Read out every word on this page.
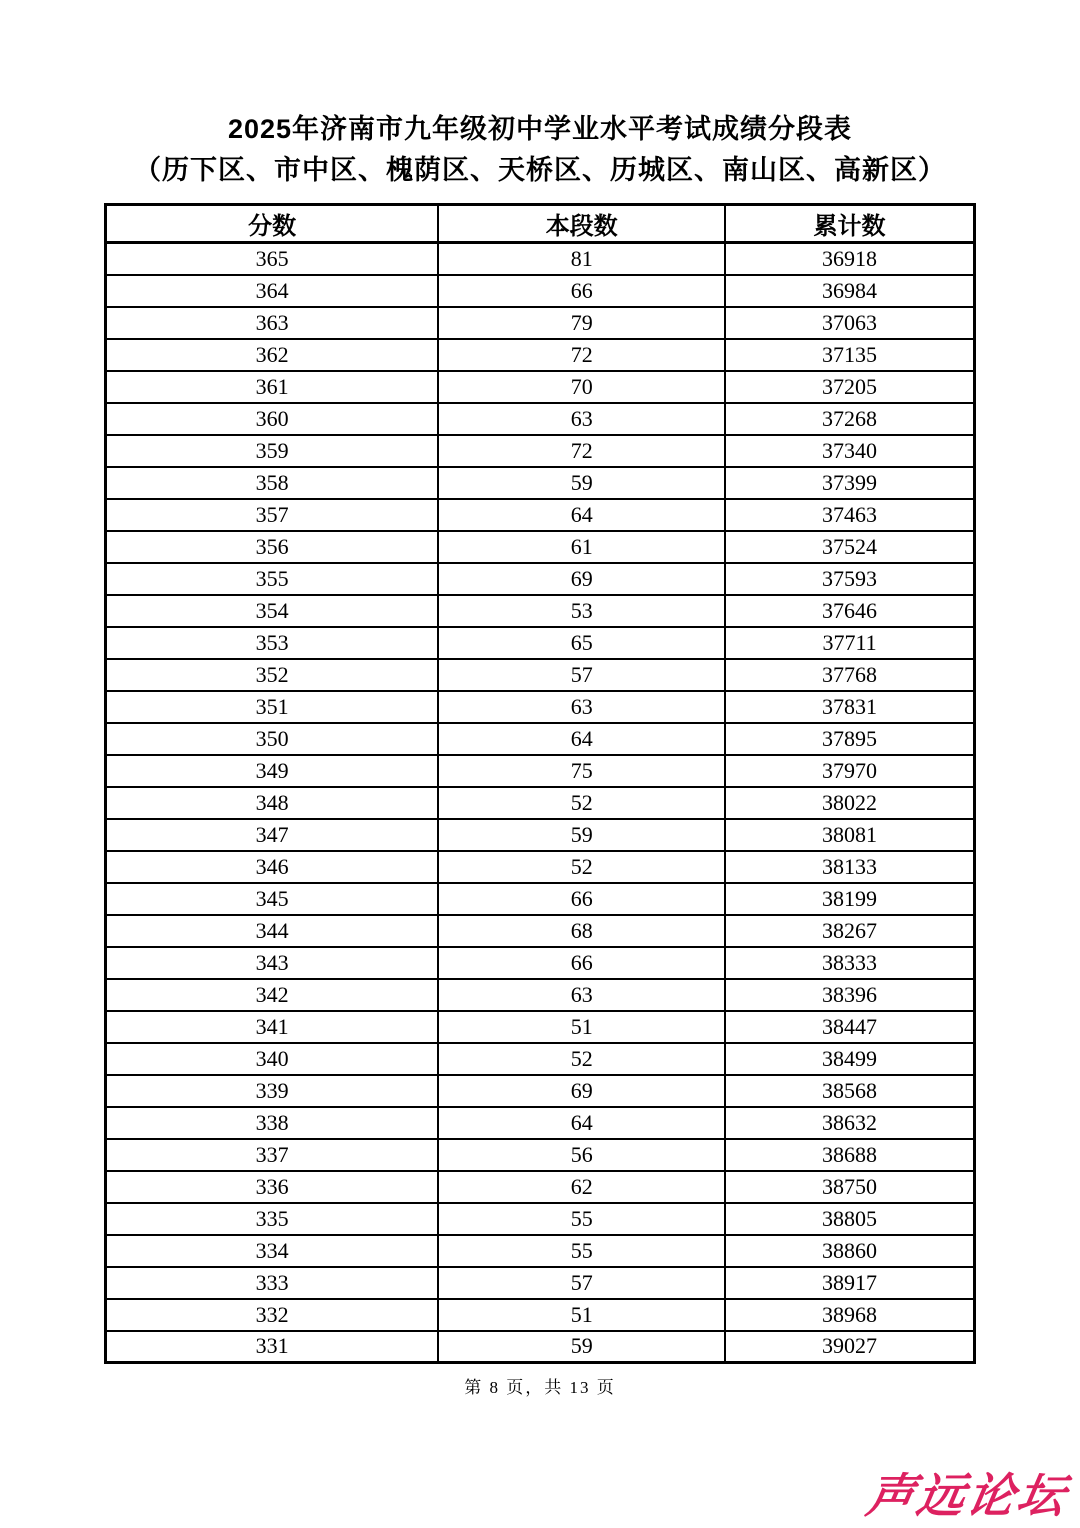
2025年济南市九年级初中学业水平考试成绩分段表
（历下区、市中区、槐荫区、天桥区、历城区、南山区、高新区）
分数	本段数	累计数
365	81	36918
364	66	36984
363	79	37063
362	72	37135
361	70	37205
360	63	37268
359	72	37340
358	59	37399
357	64	37463
356	61	37524
355	69	37593
354	53	37646
353	65	37711
352	57	37768
351	63	37831
350	64	37895
349	75	37970
348	52	38022
347	59	38081
346	52	38133
345	66	38199
344	68	38267
343	66	38333
342	63	38396
341	51	38447
340	52	38499
339	69	38568
338	64	38632
337	56	38688
336	62	38750
335	55	38805
334	55	38860
333	57	38917
332	51	38968
331	59	39027
第 8 页，共 13 页
声远论坛
